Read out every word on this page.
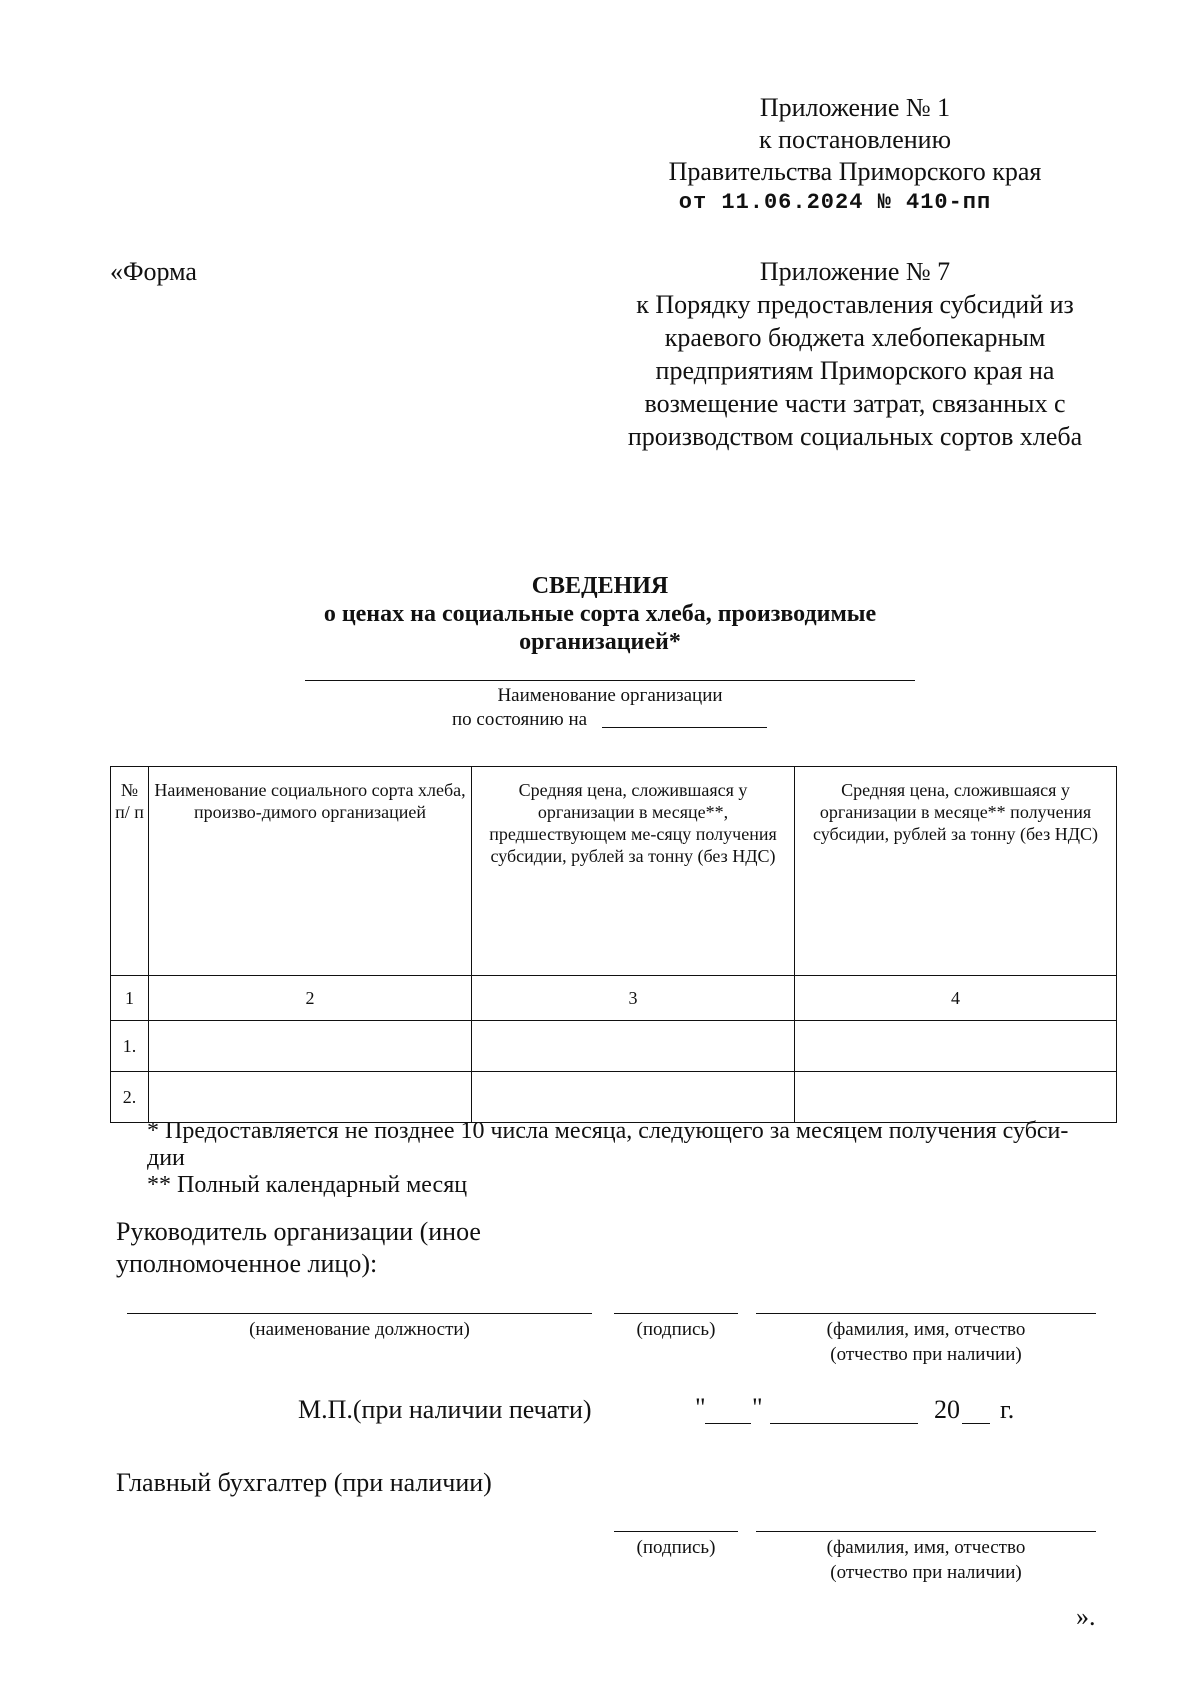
Приложение № 1
к постановлению
Правительства Приморского края
от 11.06.2024 № 410-пп
«Форма	Приложение № 7
к Порядку предоставления субсидий из
краевого бюджета хлебопекарным
предприятиям Приморского края на
возмещение части затрат, связанных с
производством социальных сортов хлеба
СВЕДЕНИЯ
о ценах на социальные сорта хлеба, производимые
организацией*
Наименование организации
по состоянию на
№ п/ п	Наименование социального сорта хлеба, произво-димого организацией	Средняя цена, сложившаяся у организации в месяце**, предшествующем ме-сяцу получения субсидии, рублей за тонну (без НДС)	Средняя цена, сложившаяся у организации в месяце** получения субсидии, рублей за тонну (без НДС)

1	2	3	4
1.			
2.			
* Предоставляется не позднее 10 числа месяца, следующего за месяцем получения субси-
дии
** Полный календарный месяц
Руководитель организации (иное
уполномоченное лицо):
(наименование должности)	(подпись)	(фамилия, имя, отчество
(отчество при наличии)
М.П.(при наличии печати)	" "	20 г.
Главный бухгалтер (при наличии)
(подпись)	(фамилия, имя, отчество
(отчество при наличии)
».
